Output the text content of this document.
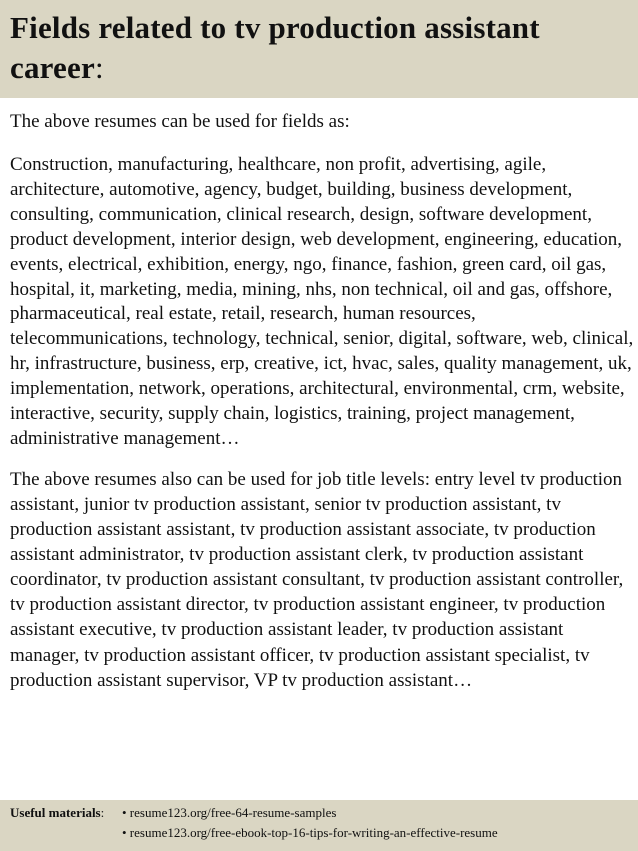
Fields related to tv production assistant career:

The above resumes can be used for fields as:

Construction, manufacturing, healthcare, non profit, advertising, agile, architecture, automotive, agency, budget, building, business development, consulting, communication, clinical research, design, software development, product development, interior design, web development, engineering, education, events, electrical, exhibition, energy, ngo, finance, fashion, green card, oil gas, hospital, it, marketing, media, mining, nhs, non technical, oil and gas, offshore, pharmaceutical, real estate, retail, research, human resources, telecommunications, technology, technical, senior, digital, software, web, clinical, hr, infrastructure, business, erp, creative, ict, hvac, sales, quality management, uk, implementation, network, operations, architectural, environmental, crm, website, interactive, security, supply chain, logistics, training, project management, administrative management…

The above resumes also can be used for job title levels: entry level tv production assistant, junior tv production assistant, senior tv production assistant, tv production assistant assistant, tv production assistant associate, tv production assistant administrator, tv production assistant clerk, tv production assistant coordinator, tv production assistant consultant, tv production assistant controller, tv production assistant director, tv production assistant engineer, tv production assistant executive, tv production assistant leader, tv production assistant manager, tv production assistant officer, tv production assistant specialist, tv production assistant supervisor, VP tv production assistant…

Useful materials:• resume123.org/free-64-resume-samples
• resume123.org/free-ebook-top-16-tips-for-writing-an-effective-resume
